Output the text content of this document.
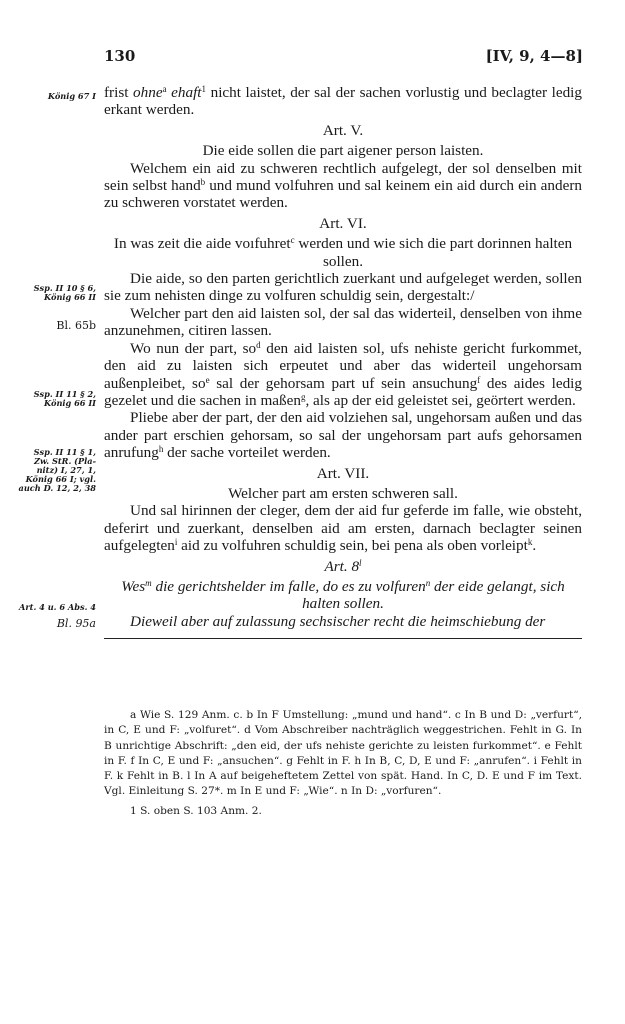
130	[IV, 9, 4—8]
König 67 I
Ssp. II 10 § 6,
König 66 II
Bl. 65b
Ssp. II 11 § 2,
König 66 II
Ssp. II 11 § 1,
Zw. StR. (Pla-
nitz) I, 27, 1,
König 66 I; vgl.
auch D. 12, 2, 38
Art. 4 u. 6 Abs. 4
Bl. 95a

frist ohne$^a$ ehaft$^1$ nicht laistet, der sal der sachen vorlustig und beclagter ledig erkant werden.

Art. V.

Die eide sollen die part aigener person laisten.

Welchem ein aid zu schweren rechtlich aufgelegt, der sol denselben mit sein selbst hand$^b$ und mund volfuhren und sal keinem ein aid durch ein andern zu schweren vorstatet werden.

Art. VI.

In was zeit die aide voıfuhret$^c$ werden und wie sich die part dorinnen halten sollen.

Die aide, so den parten gerichtlich zuerkant und aufgeleget werden, sollen sie zum nehisten dinge zu volfuren schuldig sein, dergestalt:/

Welcher part den aid laisten sol, der sal das widerteil, denselben von ihme anzunehmen, citiren lassen.

Wo nun der part, $so^d$ den aid laisten sol, ufs nehiste gericht furkommet, den aid zu laisten sich erpeutet und aber das widerteil ungehorsam außenpleibet, $so^e$ sal der gehorsam part uf sein ansuchung$^f$ des aides ledig gezelet und die sachen in maßen$^g$, als ap der eid geleistet sei, geörtert werden.

Pliebe aber der part, der den aid volziehen sal, ungehorsam außen und das ander part erschien gehorsam, so sal der ungehorsam part aufs gehorsamen anrufung$^h$ der sache vorteilet werden.

Art. VII.

Welcher part am ersten schweren sall.

Und sal hirinnen der cleger, dem der aid fur geferde im falle, wie obsteht, deferirt und zuerkant, denselben aid am ersten, darnach beclagter seinen aufgelegten$^i$ aid zu volfuhren schuldig sein, bei pena als oben vorleipt$^k$.

Art. 8$^l$

Wes$^m$ die gerichtshelder im falle, do es zu volfuren$^n$ der eide gelangt, sich halten sollen.

Dieweil aber auf zulassung sechsischer recht die heimschiebung der

a Wie S. 129 Anm. c. b In F Umstellung: „mund und hand“. c In B und D: „verfurt“, in C, E und F: „volfuret“. d Vom Abschreiber nachträglich weggestrichen. Fehlt in G. In B unrichtige Abschrift: „den eid, der ufs nehiste gerichte zu leisten furkommet“. e Fehlt in F. f In C, E und F: „ansuchen“. g Fehlt in F. h In B, C, D, E und F: „anrufen“. i Fehlt in F. k Fehlt in B. l In A auf beigeheftetem Zettel von spät. Hand. In C, D. E und F im Text. Vgl. Einleitung S. 27*. m In E und F: „Wie“. n In D: „vorfuren“.

1 S. oben S. 103 Anm. 2.
